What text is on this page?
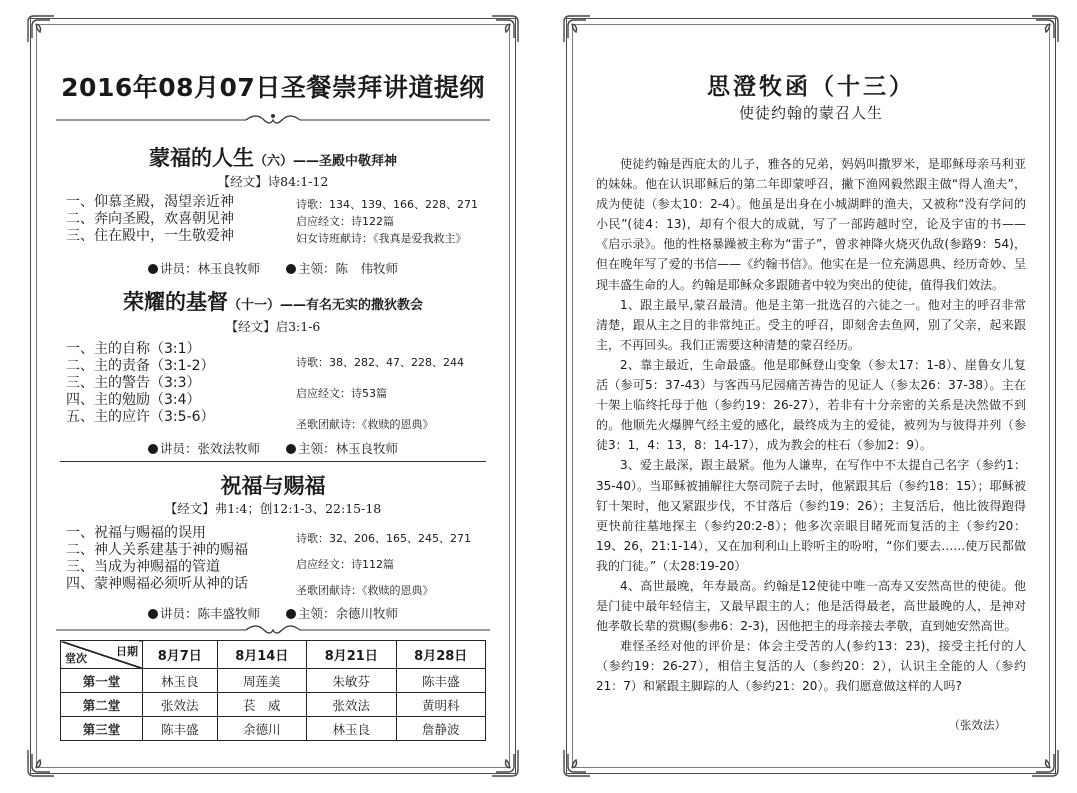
2016年08月07日圣餐崇拜讲道提纲
蒙福的人生（六）——圣殿中敬拜神
【经文】诗84:1-12
一、仰慕圣殿，渴望亲近神
二、奔向圣殿，欢喜朝见神
三、住在殿中，一生敬爱神
诗歌：134、139、166、228、271
启应经文：诗122篇
妇女诗班献诗：《我真是爱我救主》
讲员：林玉良牧师	主领：陈　伟牧师
荣耀的基督（十一）——有名无实的撒狄教会
【经文】启3:1-6
一、主的自称（3:1）
二、主的责备（3:1-2）
三、主的警告（3:3）
四、主的勉励（3:4）
五、主的应许（3:5-6）
诗歌：38、282、47、228、244
启应经文：诗53篇
圣歌团献诗：《救赎的恩典》
讲员：张效法牧师	主领：林玉良牧师
祝福与赐福
【经文】弗1:4；创12:1-3、22:15-18
一、祝福与赐福的误用
二、神人关系建基于神的赐福
三、当成为神赐福的管道
四、蒙神赐福必须听从神的话
诗歌：32、206、165、245、271
启应经文：诗112篇
圣歌团献诗：《救赎的恩典》
讲员：陈丰盛牧师	主领：余德川牧师
日期
堂次	8月7日	8月14日	8月21日	8月28日
第一堂	林玉良	周莲美	朱敏芬	陈丰盛
第二堂	张效法	苌　威	张效法	黄明科
第三堂	陈丰盛	余德川	林玉良	詹静波
思澄牧函（十三）
使徒约翰的蒙召人生

使徒约翰是西庇太的儿子，雅各的兄弟，妈妈叫撒罗米，是耶稣母亲马利亚的妹妹。他在认识耶稣后的第二年即蒙呼召，撇下渔网毅然跟主做“得人渔夫”，成为使徒（参太10：2-4）。他虽是出身在小城湖畔的渔夫，又被称“没有学问的小民”(徒4：13)，却有个很大的成就，写了一部跨越时空，论及宇宙的书——《启示录》。他的性格暴躁被主称为“雷子”，曾求神降火烧灭仇敌(参路9：54)，但在晚年写了爱的书信——《约翰书信》。他实在是一位充满恩典、经历奇妙、呈现丰盛生命的人。约翰是耶稣众多跟随者中较为突出的使徒，值得我们效法。

1、跟主最早,蒙召最清。他是主第一批选召的六徒之一。他对主的呼召非常清楚，跟从主之目的非常纯正。受主的呼召，即刻舍去鱼网，别了父亲，起来跟主，不再回头。我们正需要这种清楚的蒙召经历。

2、靠主最近，生命最盛。他是耶稣登山变象（参太17：1-8）、崖鲁女儿复活（参可5：37-43）与客西马尼园痛苦祷告的见证人（参太26：37-38）。主在十架上临终托母于他（参约19：26-27），若非有十分亲密的关系是决然做不到的。他顺先火爆脾气经主爱的感化，最终成为主的爱徒，被列为与彼得并列（参徒3：1，4：13，8：14-17），成为教会的柱石（参加2：9）。

3、爱主最深，跟主最紧。他为人谦卑，在写作中不太提自己名字（参约1：35-40）。当耶稣被捕解往大祭司院子去时，他紧跟其后（参约18：15）；耶稣被钉十架时，他又紧跟步伐，不甘落后（参约19：26）；主复活后，他比彼得跑得更快前往墓地探主（参约20:2-8）；他多次亲眼目睹死而复活的主（参约20：19、26，21:1-14），又在加利利山上聆听主的吩咐，“你们要去……使万民都做我的门徒。”（太28:19-20）

4、高世最晚，年寿最高。约翰是12使徒中唯一高寿又安然高世的使徒。他是门徒中最年轻信主，又最早跟主的人；他是活得最老，高世最晚的人，是神对他孝敬长辈的赏赐(参弗6：2-3)，因他把主的母亲接去孝敬，直到她安然高世。

难怪圣经对他的评价是：体会主受苦的人(参约13：23)，接受主托付的人（参约19：26-27），相信主复活的人（参约20：2），认识主全能的人（参约21：7）和紧跟主脚踪的人（参约21：20）。我们愿意做这样的人吗?

（张效法）
